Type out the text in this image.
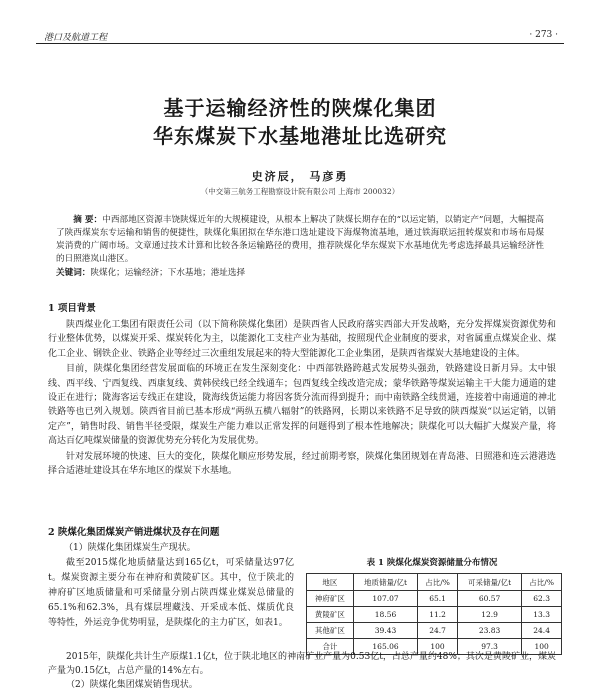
港口及航道工程	· 273 ·
基于运输经济性的陕煤化集团
华东煤炭下水基地港址比选研究
史济辰， 马彦勇
（中交第三航务工程勘察设计院有限公司 上海市 200032）
摘 要：中西部地区资源丰饶陕煤近年的大规模建设，从根本上解决了陕煤长期存在的“以运定销，以销定产”问题，大幅提高了陕西煤炭东专运输和销售的便捷性，陕煤化集团拟在华东港口选址建设下海煤物流基地，通过铁海联运扭转煤炭和市场布局煤炭消费的广阔市场。文章通过技术计算和比较各条运输路径的费用，推荐陕煤化华东煤炭下水基地优先考虑选择最具运输经济性的日照港岚山港区。
关键词：陕煤化；运输经济；下水基地；港址选择
1 项目背景

陕西煤业化工集团有限责任公司（以下简称陕煤化集团）是陕西省人民政府落实西部大开发战略，充分发挥煤炭资源优势和行业整体优势，以煤炭开采、煤炭转化为主，以能源化工支柱产业为基础，按照现代企业制度的要求，对省属重点煤炭企业、煤化工企业、钢铁企业、铁路企业等经过三次重组发展起来的特大型能源化工企业集团，是陕西省煤炭大基地建设的主体。

目前，陕煤化集团经营发展面临的环境正在发生深刻变化：中西部铁路跨越式发展势头强劲，铁路建设日新月异。太中银线、西平线、宁西复线、西康复线、黄韩侯线已经全线通车；包西复线全线改造完成；蒙华铁路等煤炭运输主干大能力通道的建设正在进行；陇海客运专线正在建设，陇海线货运能力将因客货分流而得到提升；而中南铁路全线贯通，连接着中南通道的神北铁路等也已列入规划。陕西省目前已基本形成“两纵五横八辐射”的铁路网，长期以来铁路不足导致的陕西煤炭“以运定销，以销定产”，销售时段、销售半径受限，煤炭生产能力难以正常发挥的问题得到了根本性地解决；陕煤化可以大幅扩大煤炭产量，将高达百亿吨煤炭储量的资源优势充分转化为发展优势。

针对发展环境的快速、巨大的变化，陕煤化顺应形势发展，经过前期考察，陕煤化集团规划在青岛港、日照港和连云港港选择合适港址建设其在华东地区的煤炭下水基地。

2 陕煤化集团煤炭产销进煤状及存在问题
（1）陕煤化集团煤炭生产现状。

截至2015煤化地质储量达到165亿t，可采储量达97亿t。煤炭资源主要分布在神府和黄陵矿区。其中，位于陕北的神府矿区地质储量和可采储量分别占陕西煤业煤炭总储量的65.1%和62.3%，具有煤层埋藏浅、开采成本低、煤质优良等特性，外运竞争优势明显，是陕煤化的主力矿区，如表1。

表 1 陕煤化煤炭资源储量分布情况
地区	地质储量/亿t	占比/%	可采储量/亿t	占比/%
神府矿区	107.07	65.1	60.57	62.3
黄陵矿区	18.56	11.2	12.9	13.3
其他矿区	39.43	24.7	23.83	24.4
合计	165.06	100	97.3	100

2015年，陕煤化共计生产原煤1.1亿t，位于陕北地区的神南矿业产量为0.53亿t，占总产量约48%；其次是黄陵矿业，煤炭产量为0.15亿t，占总产量的14%左右。

（2）陕煤化集团煤炭销售现状。
